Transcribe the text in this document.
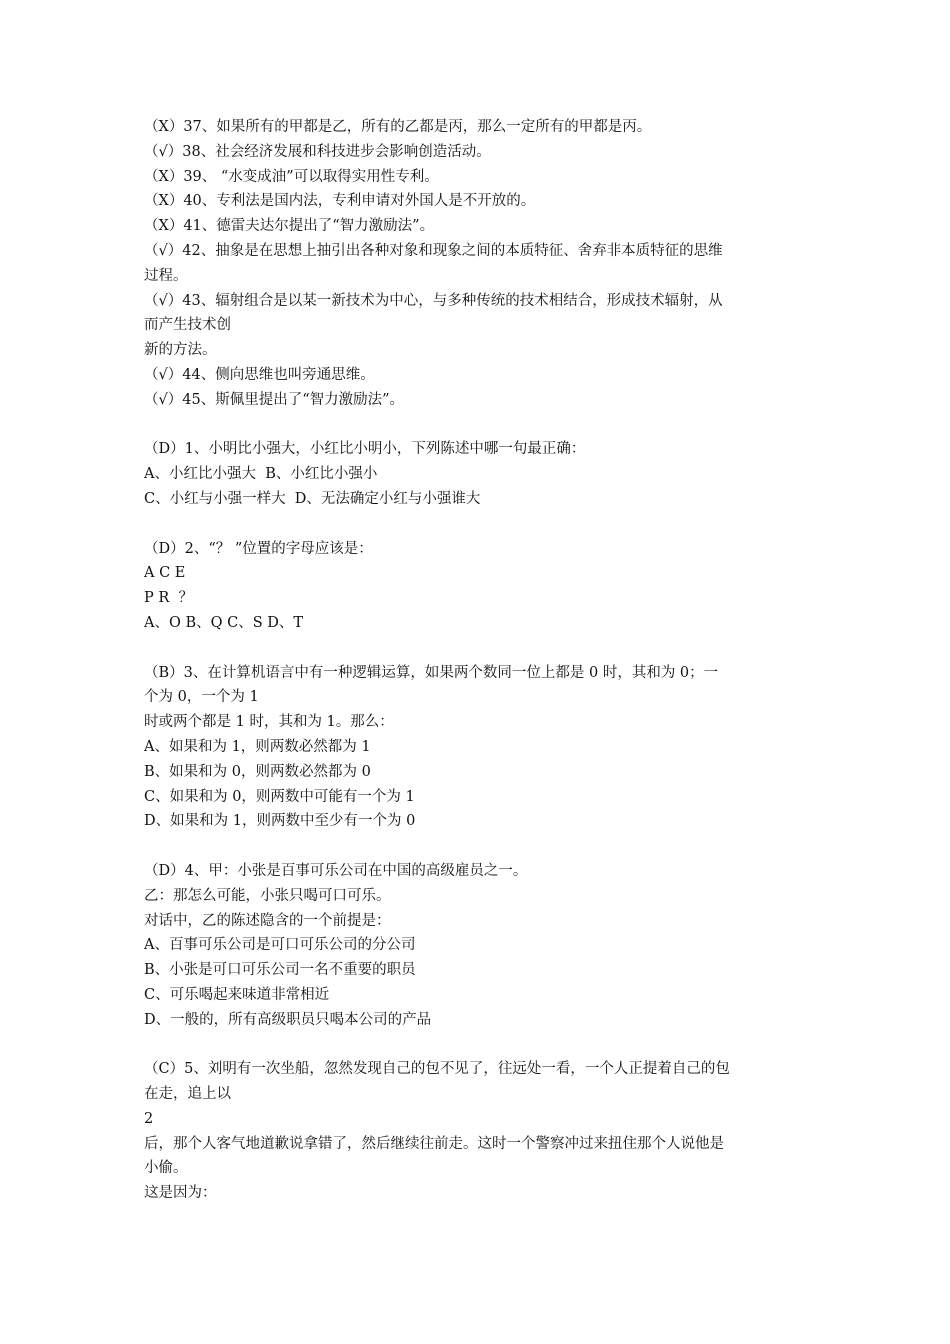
（X）37、如果所有的甲都是乙，所有的乙都是丙，那么一定所有的甲都是丙。

（√）38、社会经济发展和科技进步会影响创造活动。

（X）39、 “水变成油”可以取得实用性专利。

（X）40、专利法是国内法，专利申请对外国人是不开放的。

（X）41、德雷夫达尔提出了“智力激励法”。

（√）42、抽象是在思想上抽引出各种对象和现象之间的本质特征、舍弃非本质特征的思维

过程。

（√）43、辐射组合是以某一新技术为中心，与多种传统的技术相结合，形成技术辐射，从

而产生技术创

新的方法。

（√）44、侧向思维也叫旁通思维。

（√）45、斯佩里提出了“智力激励法”。

（D）1、小明比小强大，小红比小明小，下列陈述中哪一句最正确：

A、小红比小强大  B、小红比小强小

C、小红与小强一样大  D、无法确定小红与小强谁大

（D）2、“？ ”位置的字母应该是：

A C E

P R  ？

A、O B、Q C、S D、T

（B）3、在计算机语言中有一种逻辑运算，如果两个数同一位上都是 0 时，其和为 0；一

个为 0，一个为 1

时或两个都是 1 时，其和为 1。那么：

A、如果和为 1，则两数必然都为 1

B、如果和为 0，则两数必然都为 0

C、如果和为 0，则两数中可能有一个为 1

D、如果和为 1，则两数中至少有一个为 0

（D）4、甲：小张是百事可乐公司在中国的高级雇员之一。

乙：那怎么可能，小张只喝可口可乐。

对话中，乙的陈述隐含的一个前提是：

A、百事可乐公司是可口可乐公司的分公司

B、小张是可口可乐公司一名不重要的职员

C、可乐喝起来味道非常相近

D、一般的，所有高级职员只喝本公司的产品

（C）5、刘明有一次坐船，忽然发现自己的包不见了，往远处一看，一个人正提着自己的包

在走，追上以

2

后，那个人客气地道歉说拿错了，然后继续往前走。这时一个警察冲过来扭住那个人说他是

小偷。

这是因为：
